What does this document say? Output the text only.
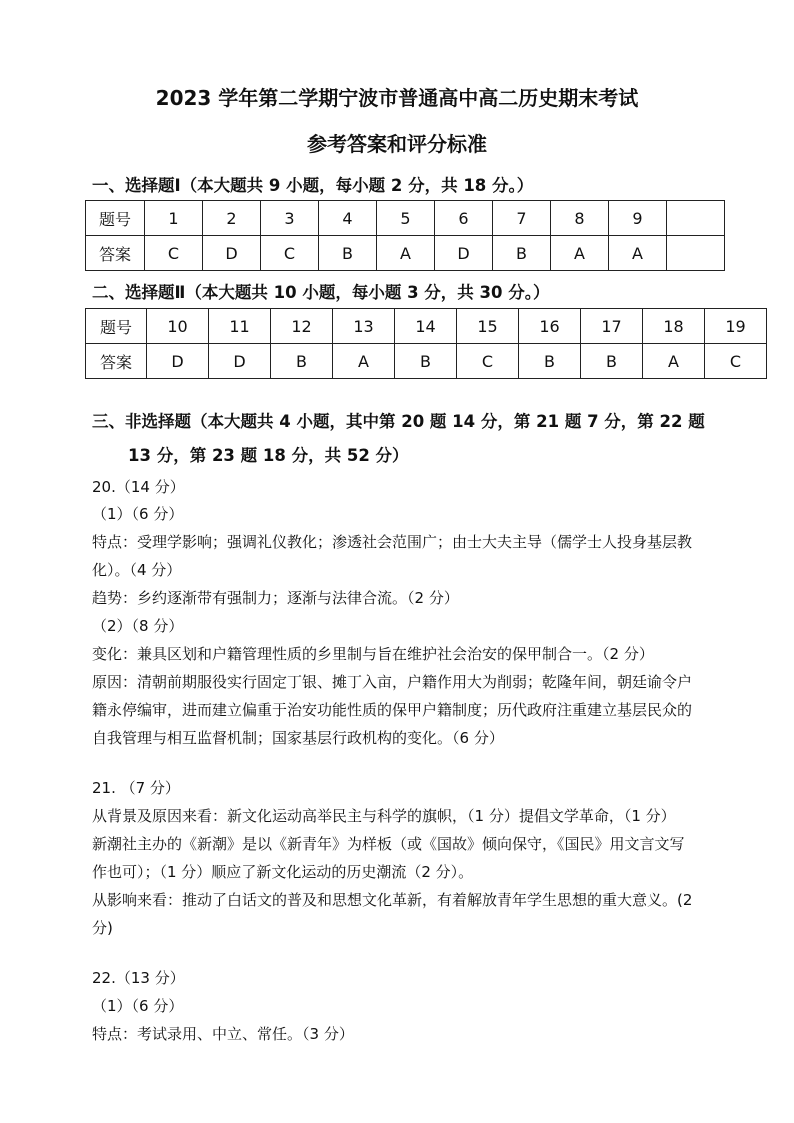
2023 学年第二学期宁波市普通高中高二历史期末考试
参考答案和评分标准

一、选择题Ⅰ（本大题共 9 小题，每小题 2 分，共 18 分。）

题号	1	2	3	4	5	6	7	8	9	
答案	C	D	C	B	A	D	B	A	A	

二、选择题Ⅱ（本大题共 10 小题，每小题 3 分，共 30 分。）

题号	10	11	12	13	14	15	16	17	18	19
答案	D	D	B	A	B	C	B	B	A	C

三、非选择题（本大题共 4 小题，其中第 20 题 14 分，第 21 题 7 分，第 22 题

13 分，第 23 题 18 分，共 52 分）

20.（14 分）

（1）（6 分）

特点：受理学影响；强调礼仪教化；渗透社会范围广；由士大夫主导（儒学士人投身基层教

化）。（4 分）

趋势：乡约逐渐带有强制力；逐渐与法律合流。（2 分）

（2）（8 分）

变化：兼具区划和户籍管理性质的乡里制与旨在维护社会治安的保甲制合一。（2 分）

原因：清朝前期服役实行固定丁银、摊丁入亩，户籍作用大为削弱；乾隆年间，朝廷谕令户

籍永停编审，进而建立偏重于治安功能性质的保甲户籍制度；历代政府注重建立基层民众的

自我管理与相互监督机制；国家基层行政机构的变化。（6 分）

21. （7 分）

从背景及原因来看：新文化运动高举民主与科学的旗帜，（1 分）提倡文学革命，（1 分）

新潮社主办的《新潮》是以《新青年》为样板（或《国故》倾向保守，《国民》用文言文写

作也可）；（1 分）顺应了新文化运动的历史潮流（2 分）。

从影响来看：推动了白话文的普及和思想文化革新，有着解放青年学生思想的重大意义。(2

分)

22.（13 分）

（1）（6 分）

特点：考试录用、中立、常任。（3 分）
